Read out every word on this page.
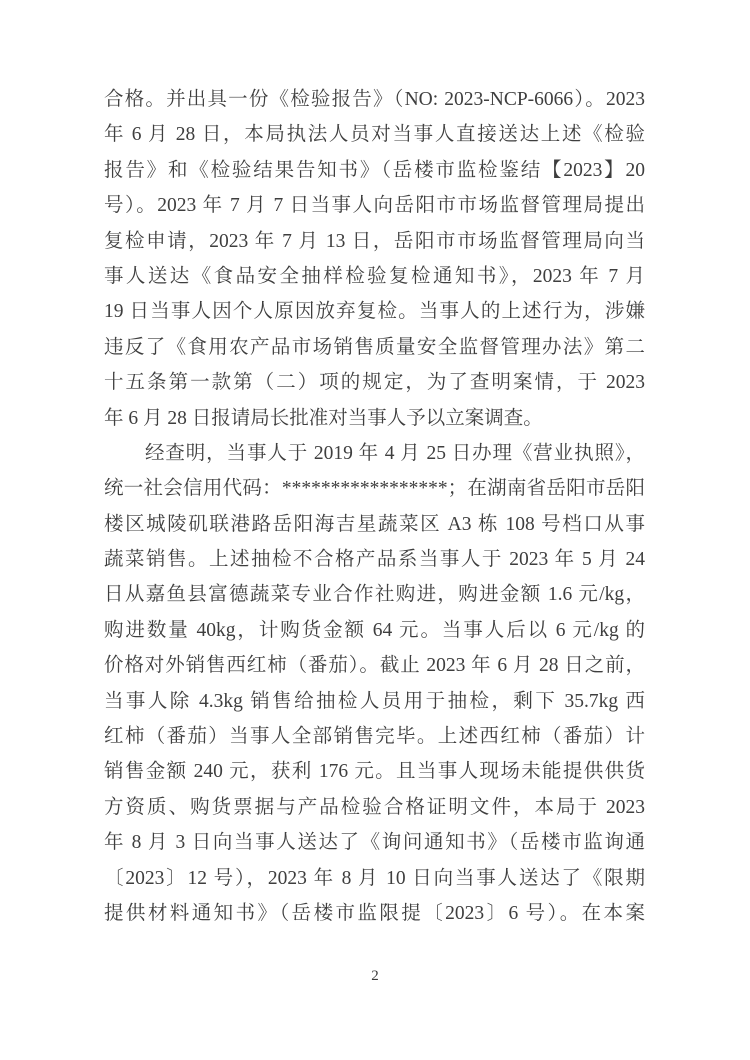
合格。并出具一份《检验报告》（NO: 2023-NCP-6066）。2023
年 6 月 28 日，本局执法人员对当事人直接送达上述《检验
报告》和《检验结果告知书》（岳楼市监检鉴结【2023】20
号）。2023 年 7 月 7 日当事人向岳阳市市场监督管理局提出
复检申请，2023 年 7 月 13 日，岳阳市市场监督管理局向当
事人送达《食品安全抽样检验复检通知书》，2023 年 7 月
19 日当事人因个人原因放弃复检。当事人的上述行为，涉嫌
违反了《食用农产品市场销售质量安全监督管理办法》第二
十五条第一款第（二）项的规定，为了查明案情，于 2023
年 6 月 28 日报请局长批准对当事人予以立案调查。
经查明，当事人于 2019 年 4 月 25 日办理《营业执照》，
统一社会信用代码：*****************；在湖南省岳阳市岳阳
楼区城陵矶联港路岳阳海吉星蔬菜区 A3 栋 108 号档口从事
蔬菜销售。上述抽检不合格产品系当事人于 2023 年 5 月 24
日从嘉鱼县富德蔬菜专业合作社购进，购进金额 1.6 元/kg，
购进数量 40kg，计购货金额 64 元。当事人后以 6 元/kg 的
价格对外销售西红柿（番茄）。截止 2023 年 6 月 28 日之前，
当事人除 4.3kg 销售给抽检人员用于抽检，剩下 35.7kg 西
红柿（番茄）当事人全部销售完毕。上述西红柿（番茄）计
销售金额 240 元，获利 176 元。且当事人现场未能提供供货
方资质、购货票据与产品检验合格证明文件，本局于 2023
年 8 月 3 日向当事人送达了《询问通知书》（岳楼市监询通
〔2023〕12 号），2023 年 8 月 10 日向当事人送达了《限期
提供材料通知书》（岳楼市监限提〔2023〕6 号）。在本案
2
